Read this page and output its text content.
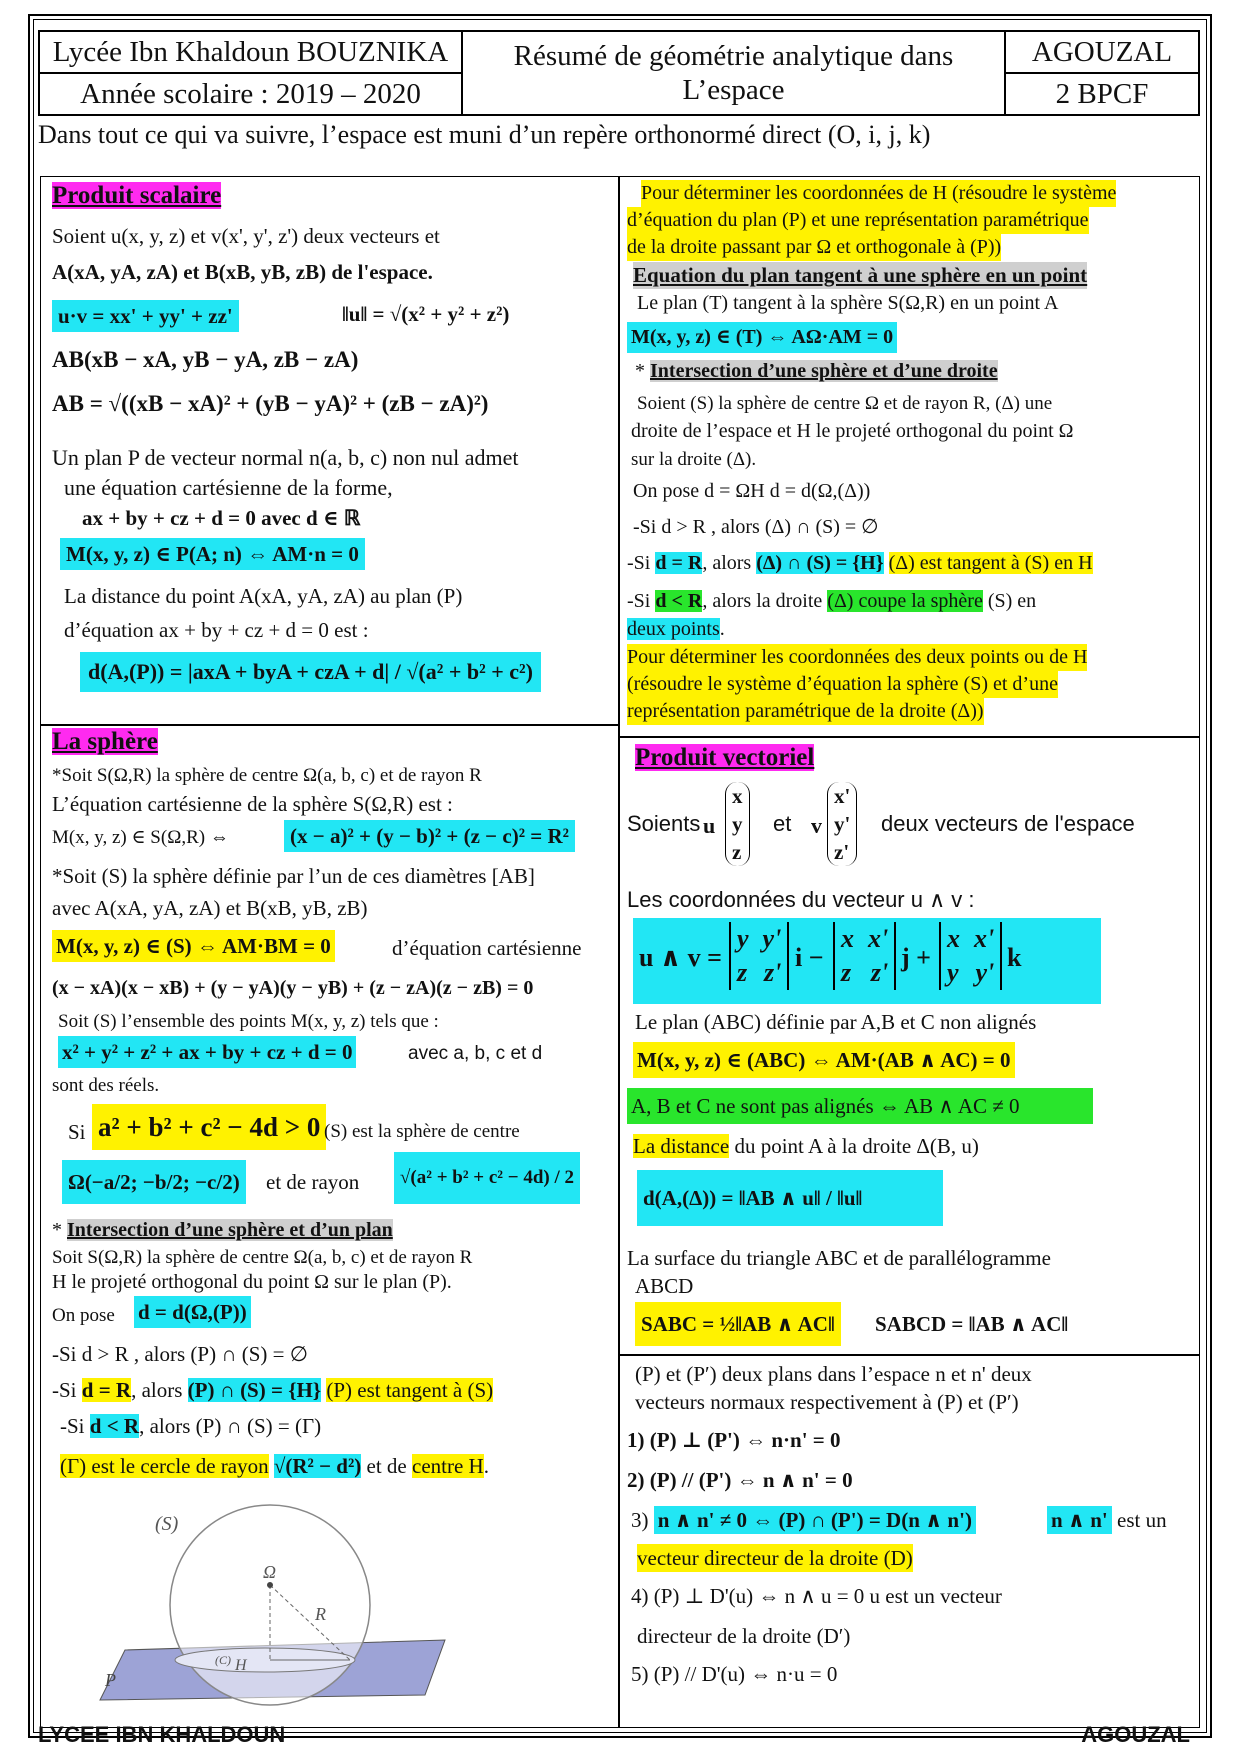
Lycée Ibn Khaldoun BOUZNIKA
Année scolaire : 2019 – 2020
Résumé de géométrie analytique dans
L’espace
AGOUZAL
2 BPCF
Dans tout ce qui va suivre, l’espace est muni d’un repère orthonormé direct (O, i, j, k)
Produit scalaire
Soient u(x, y, z) et v(x', y', z') deux vecteurs et
A(xA, yA, zA) et B(xB, yB, zB) de l'espace.
u·v = xx' + yy' + zz'	‖u‖ = √(x² + y² + z²)
AB(xB − xA, yB − yA, zB − zA)
AB = √((xB − xA)² + (yB − yA)² + (zB − zA)²)
Un plan P de vecteur normal n(a, b, c) non nul admet
une équation cartésienne de la forme,
ax + by + cz + d = 0 avec d ∈ ℝ
M(x, y, z) ∈ P(A; n) ⇔ AM·n = 0
La distance du point A(xA, yA, zA) au plan (P)
d’équation ax + by + cz + d = 0 est :
d(A,(P)) = |axA + byA + czA + d| / √(a² + b² + c²)
La sphère
*Soit S(Ω,R) la sphère de centre Ω(a, b, c) et de rayon R
L’équation cartésienne de la sphère S(Ω,R) est :
M(x, y, z) ∈ S(Ω,R) ⇔	(x − a)² + (y − b)² + (z − c)² = R²
*Soit (S) la sphère définie par l’un de ces diamètres [AB]
avec A(xA, yA, zA) et B(xB, yB, zB)
M(x, y, z) ∈ (S) ⇔ AM·BM = 0	d’équation cartésienne
(x − xA)(x − xB) + (y − yA)(y − yB) + (z − zA)(z − zB) = 0
Soit (S) l’ensemble des points M(x, y, z) tels que :
x² + y² + z² + ax + by + cz + d = 0	avec a, b, c et d
sont des réels.
Si a² + b² + c² − 4d > 0 (S) est la sphère de centre
Ω(−a/2; −b/2; −c/2) et de rayon	√(a² + b² + c² − 4d) / 2
* Intersection d’une sphère et d’un plan
Soit S(Ω,R) la sphère de centre Ω(a, b, c) et de rayon R
H le projeté orthogonal du point Ω sur le plan (P).
On pose d = d(Ω,(P))
-Si d > R , alors (P) ∩ (S) = ∅
-Si d = R, alors (P) ∩ (S) = {H} (P) est tangent à (S)
-Si d < R, alors (P) ∩ (S) = (Γ)
(Γ) est le cercle de rayon √(R² − d²) et de centre H.
(S)
Ω
R
H
(C)
P
Pour déterminer les coordonnées de H (résoudre le système
d’équation du plan (P) et une représentation paramétrique
de la droite passant par Ω et orthogonale à (P))
Equation du plan tangent à une sphère en un point
Le plan (T) tangent à la sphère S(Ω,R) en un point A
M(x, y, z) ∈ (T) ⇔ AΩ·AM = 0
* Intersection d’une sphère et d’une droite
Soient (S) la sphère de centre Ω et de rayon R, (Δ) une
droite de l’espace et H le projeté orthogonal du point Ω
sur la droite (Δ).
On pose d = ΩH d = d(Ω,(Δ))
-Si d > R , alors (Δ) ∩ (S) = ∅
-Si d = R, alors (Δ) ∩ (S) = {H} (Δ) est tangent à (S) en H
-Si d < R, alors la droite (Δ) coupe la sphère (S) en
deux points.
Pour déterminer les coordonnées des deux points ou de H
(résoudre le système d’équation la sphère (S) et d’une
représentation paramétrique de la droite (Δ))
Produit vectoriel
Soients u
x
y
z
et v
x'
y'
z'
deux vecteurs de l'espace
Les coordonnées du vecteur u ∧ v :
u ∧ v =
y y'
z z'
i −
x x'
z z'
j +
x x'
y y'
k
Le plan (ABC) définie par A,B et C non alignés
M(x, y, z) ∈ (ABC) ⇔ AM·(AB ∧ AC) = 0
A, B et C ne sont pas alignés ⇔ AB ∧ AC ≠ 0
La distance du point A à la droite Δ(B, u)
d(A,(Δ)) = ‖AB ∧ u‖ / ‖u‖
La surface du triangle ABC et de parallélogramme
ABCD
SABC = ½‖AB ∧ AC‖ SABCD = ‖AB ∧ AC‖
(P) et (P′) deux plans dans l’espace n et n' deux
vecteurs normaux respectivement à (P) et (P′)
1) (P) ⊥ (P') ⇔ n·n' = 0
2) (P) // (P') ⇔ n ∧ n' = 0
3) n ∧ n' ≠ 0 ⇔ (P) ∩ (P') = D(n ∧ n')	n ∧ n' est un
vecteur directeur de la droite (D)
4) (P) ⊥ D'(u) ⇔ n ∧ u = 0 u est un vecteur
directeur de la droite (D′)
5) (P) // D'(u) ⇔ n·u = 0
LYCEE IBN KHALDOUN	AGOUZAL
